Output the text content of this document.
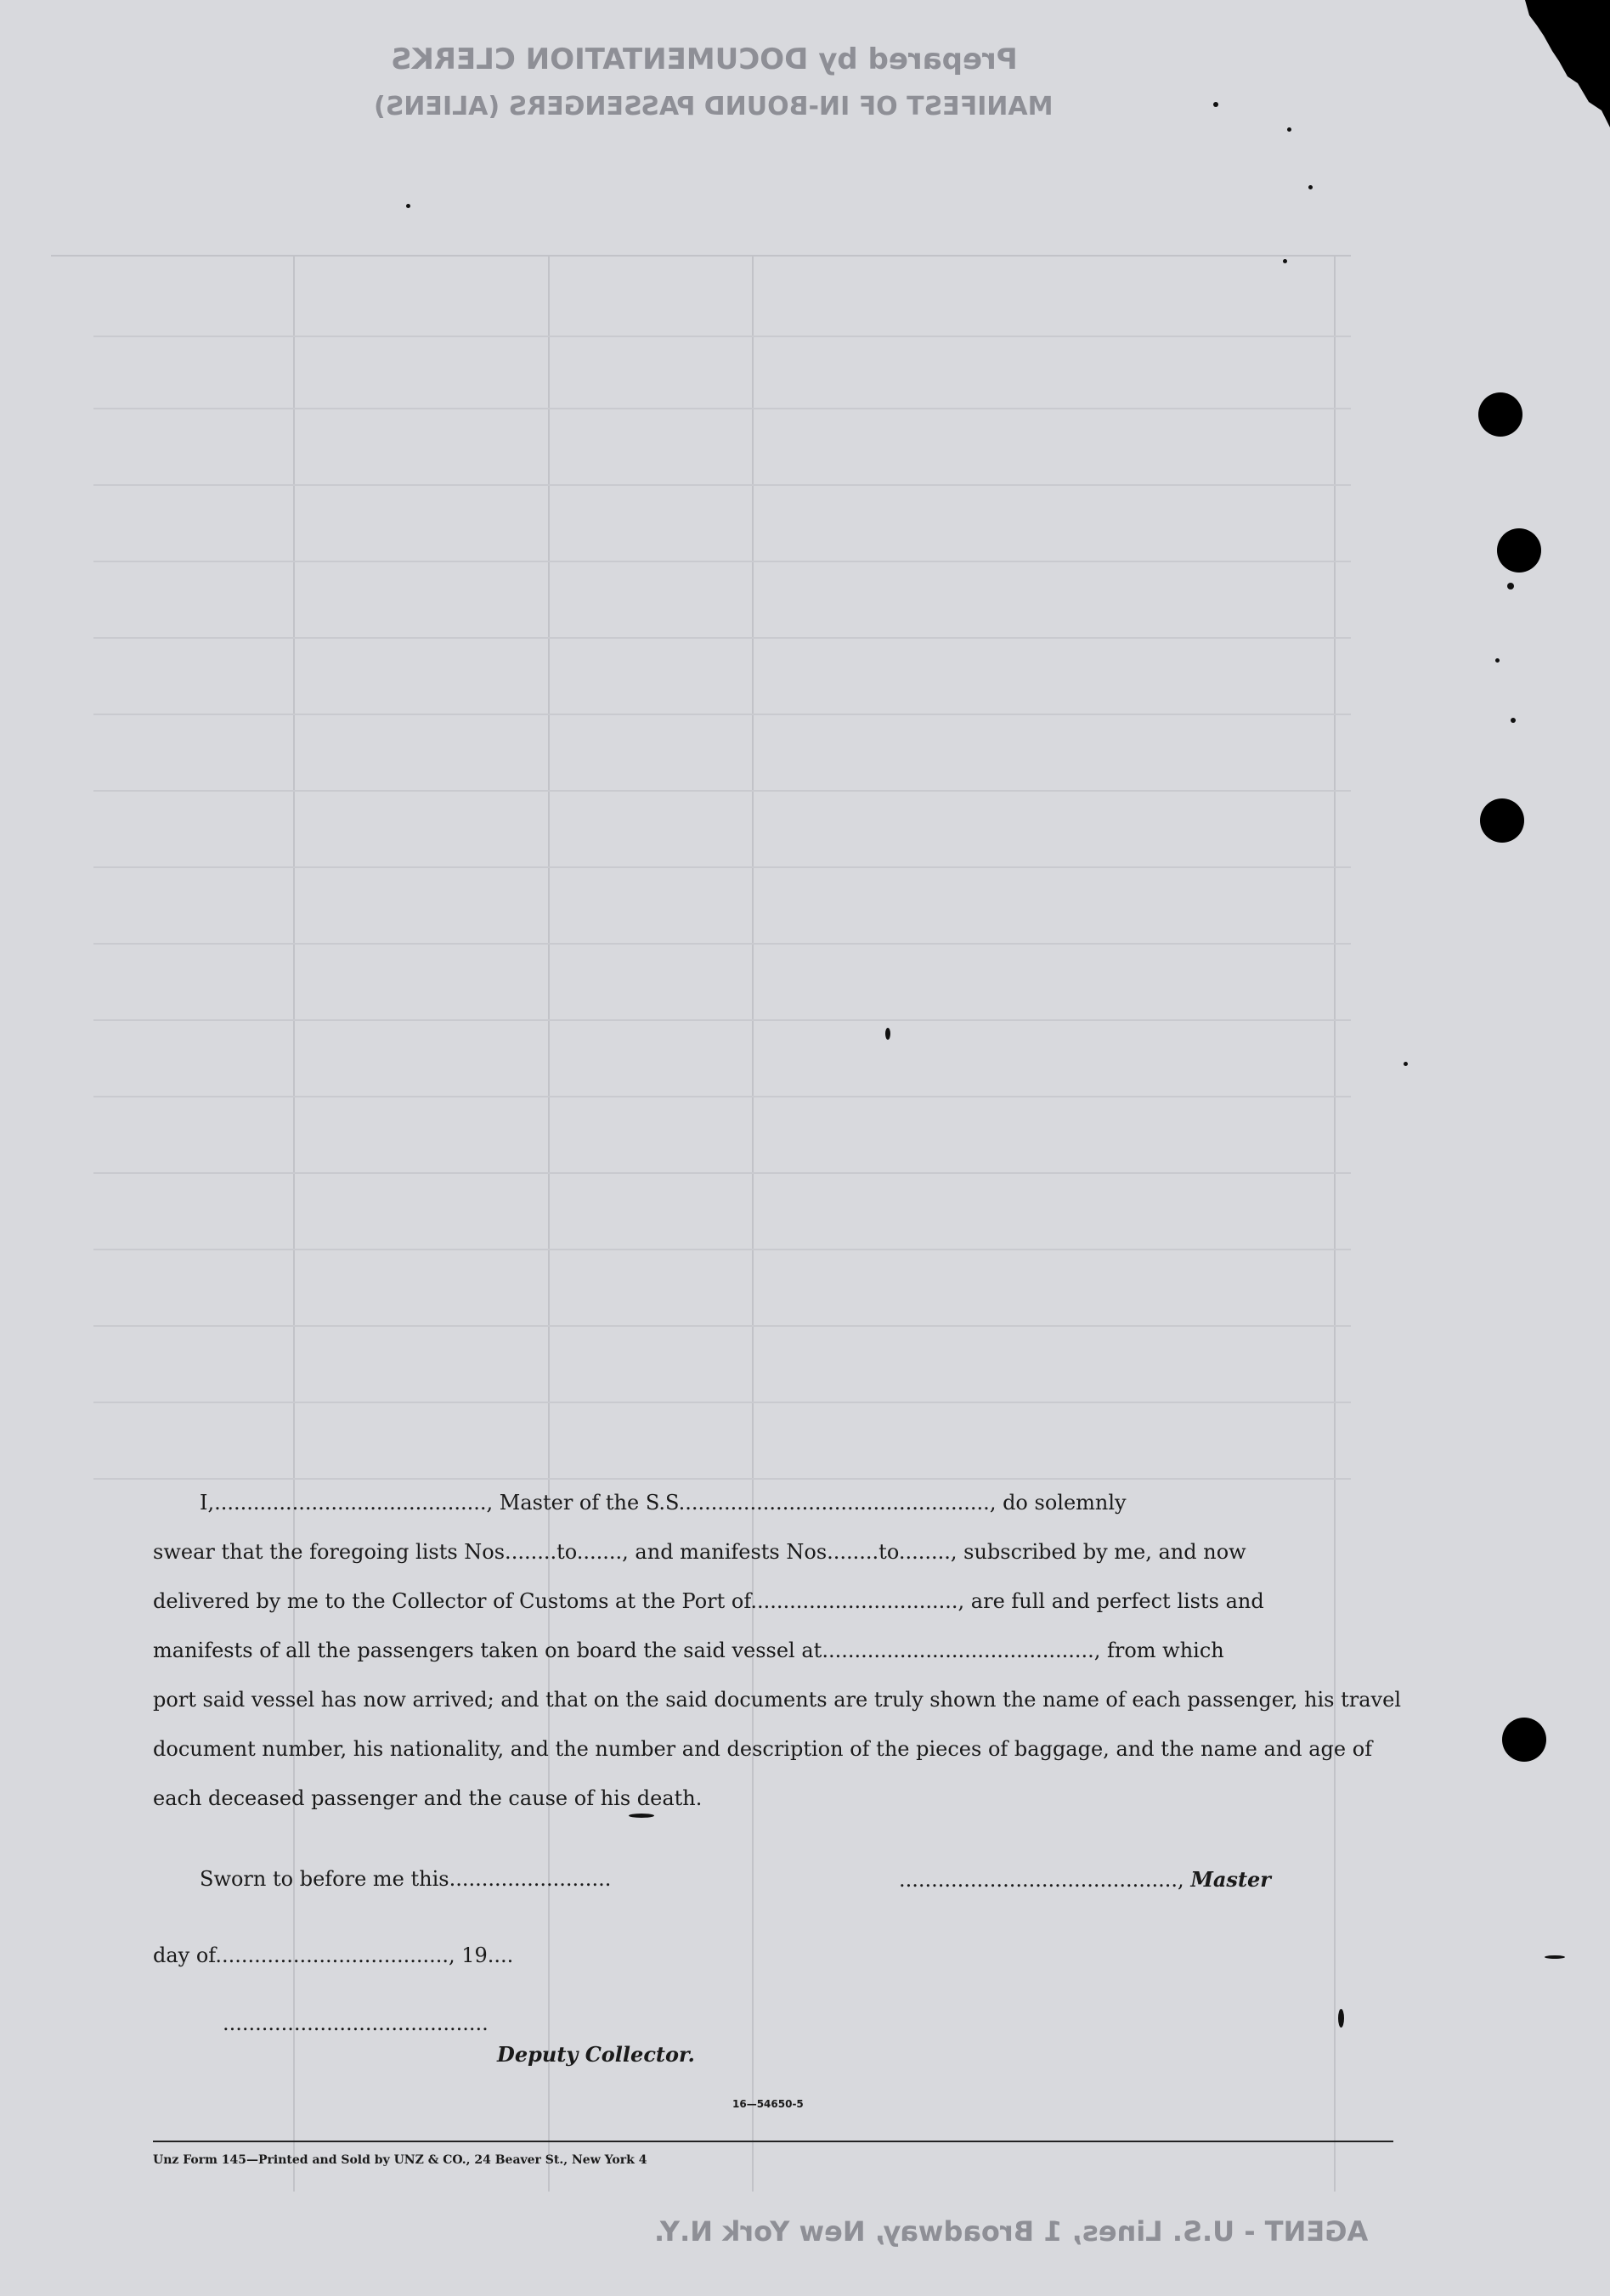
Prepared by DOCUMENTATION CLERKS
MANIFEST OF IN-BOUND PASSENGERS (ALIENS)
AGENT - U.S. Lines, 1 Broadway, New York N.Y.

I,.........................................., Master of the S.S................................................, do solemnly

swear that the foregoing lists Nos........to......., and manifests Nos........to........, subscribed by me, and now

delivered by me to the Collector of Customs at the Port of................................, are full and perfect lists and

manifests of all the passengers taken on board the said vessel at.........................................., from which

port said vessel has now arrived; and that on the said documents are truly shown the name of each passenger, his travel

document number, his nationality, and the number and description of the pieces of baggage, and the name and age of

each deceased passenger and the cause of his death.

Sworn to before me this.........................	..........................................., Master
day of...................................., 19....
.........................................
Deputy Collector.
16—54650-5
Unz Form 145—Printed and Sold by UNZ & CO., 24 Beaver St., New York 4
